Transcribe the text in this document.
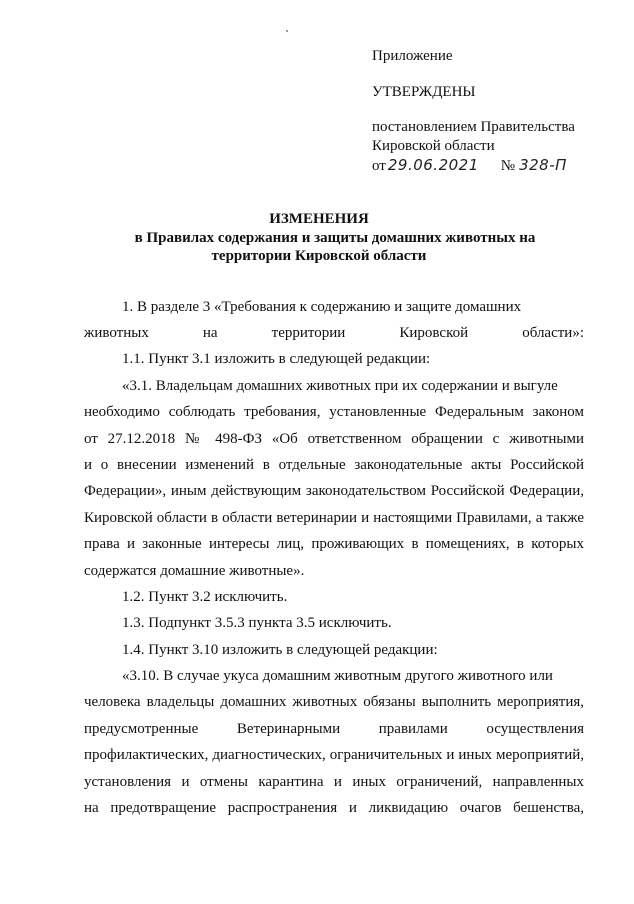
Приложение
УТВЕРЖДЕНЫ
постановлением Правительства
Кировской области
от 29.06.2021 № 328-П
ИЗМЕНЕНИЯ
в Правилах содержания и защиты домашних животных на
территории Кировской области
1. В разделе 3 «Требования к содержанию и защите домашних
животных на территории Кировской области»:
1.1. Пункт 3.1 изложить в следующей редакции:
«3.1. Владельцам домашних животных при их содержании и выгуле
необходимо соблюдать требования, установленные Федеральным законом
от 27.12.2018 № 498-ФЗ «Об ответственном обращении с животными
и о внесении изменений в отдельные законодательные акты Российской
Федерации», иным действующим законодательством Российской Федерации,
Кировской области в области ветеринарии и настоящими Правилами, а также
права и законные интересы лиц, проживающих в помещениях, в которых
содержатся домашние животные».
1.2. Пункт 3.2 исключить.
1.3. Подпункт 3.5.3 пункта 3.5 исключить.
1.4. Пункт 3.10 изложить в следующей редакции:
«3.10. В случае укуса домашним животным другого животного или
человека владельцы домашних животных обязаны выполнить мероприятия,
предусмотренные Ветеринарными правилами осуществления
профилактических, диагностических, ограничительных и иных мероприятий,
установления и отмены карантина и иных ограничений, направленных
на предотвращение распространения и ликвидацию очагов бешенства,
